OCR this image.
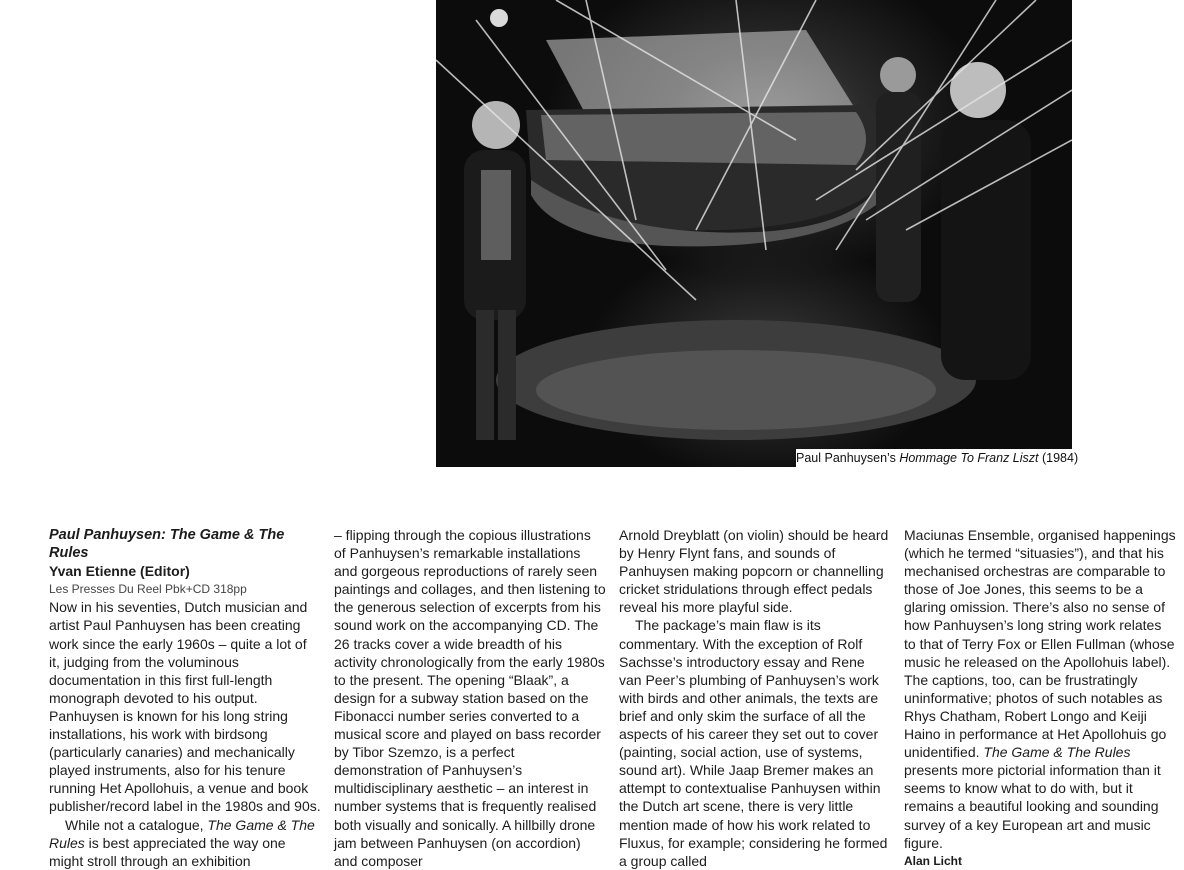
Paul Panhuysen’s Hommage To Franz Liszt (1984)

Paul Panhuysen: The Game & The Rules

Yvan Etienne (Editor)

Les Presses Du Reel Pbk+CD 318pp

Now in his seventies, Dutch musician and artist Paul Panhuysen has been creating work since the early 1960s – quite a lot of it, judging from the voluminous documentation in this first full-length monograph devoted to his output. Panhuysen is known for his long string installations, his work with birdsong (particularly canaries) and mechanically played instruments, also for his tenure running Het Apollohuis, a venue and book publisher/record label in the 1980s and 90s.

While not a catalogue, The Game & The Rules is best appreciated the way one might stroll through an exhibition

– flipping through the copious illustrations of Panhuysen’s remarkable installations and gorgeous reproductions of rarely seen paintings and collages, and then listening to the generous selection of excerpts from his sound work on the accompanying CD. The 26 tracks cover a wide breadth of his activity chronologically from the early 1980s to the present. The opening “Blaak”, a design for a subway station based on the Fibonacci number series converted to a musical score and played on bass recorder by Tibor Szemzo, is a perfect demonstration of Panhuysen’s multidisciplinary aesthetic – an interest in number systems that is frequently realised both visually and sonically. A hillbilly drone jam between Panhuysen (on accordion) and composer

Arnold Dreyblatt (on violin) should be heard by Henry Flynt fans, and sounds of Panhuysen making popcorn or channelling cricket stridulations through effect pedals reveal his more playful side.

The package’s main flaw is its commentary. With the exception of Rolf Sachsse’s introductory essay and Rene van Peer’s plumbing of Panhuysen’s work with birds and other animals, the texts are brief and only skim the surface of all the aspects of his career they set out to cover (painting, social action, use of systems, sound art). While Jaap Bremer makes an attempt to contextualise Panhuysen within the Dutch art scene, there is very little mention made of how his work related to Fluxus, for example; considering he formed a group called

Maciunas Ensemble, organised happenings (which he termed “situasies”), and that his mechanised orchestras are comparable to those of Joe Jones, this seems to be a glaring omission. There’s also no sense of how Panhuysen’s long string work relates to that of Terry Fox or Ellen Fullman (whose music he released on the Apollohuis label). The captions, too, can be frustratingly uninformative; photos of such notables as Rhys Chatham, Robert Longo and Keiji Haino in performance at Het Apollohuis go unidentified. The Game & The Rules presents more pictorial information than it seems to know what to do with, but it remains a beautiful looking and sounding survey of a key European art and music figure.

Alan Licht
